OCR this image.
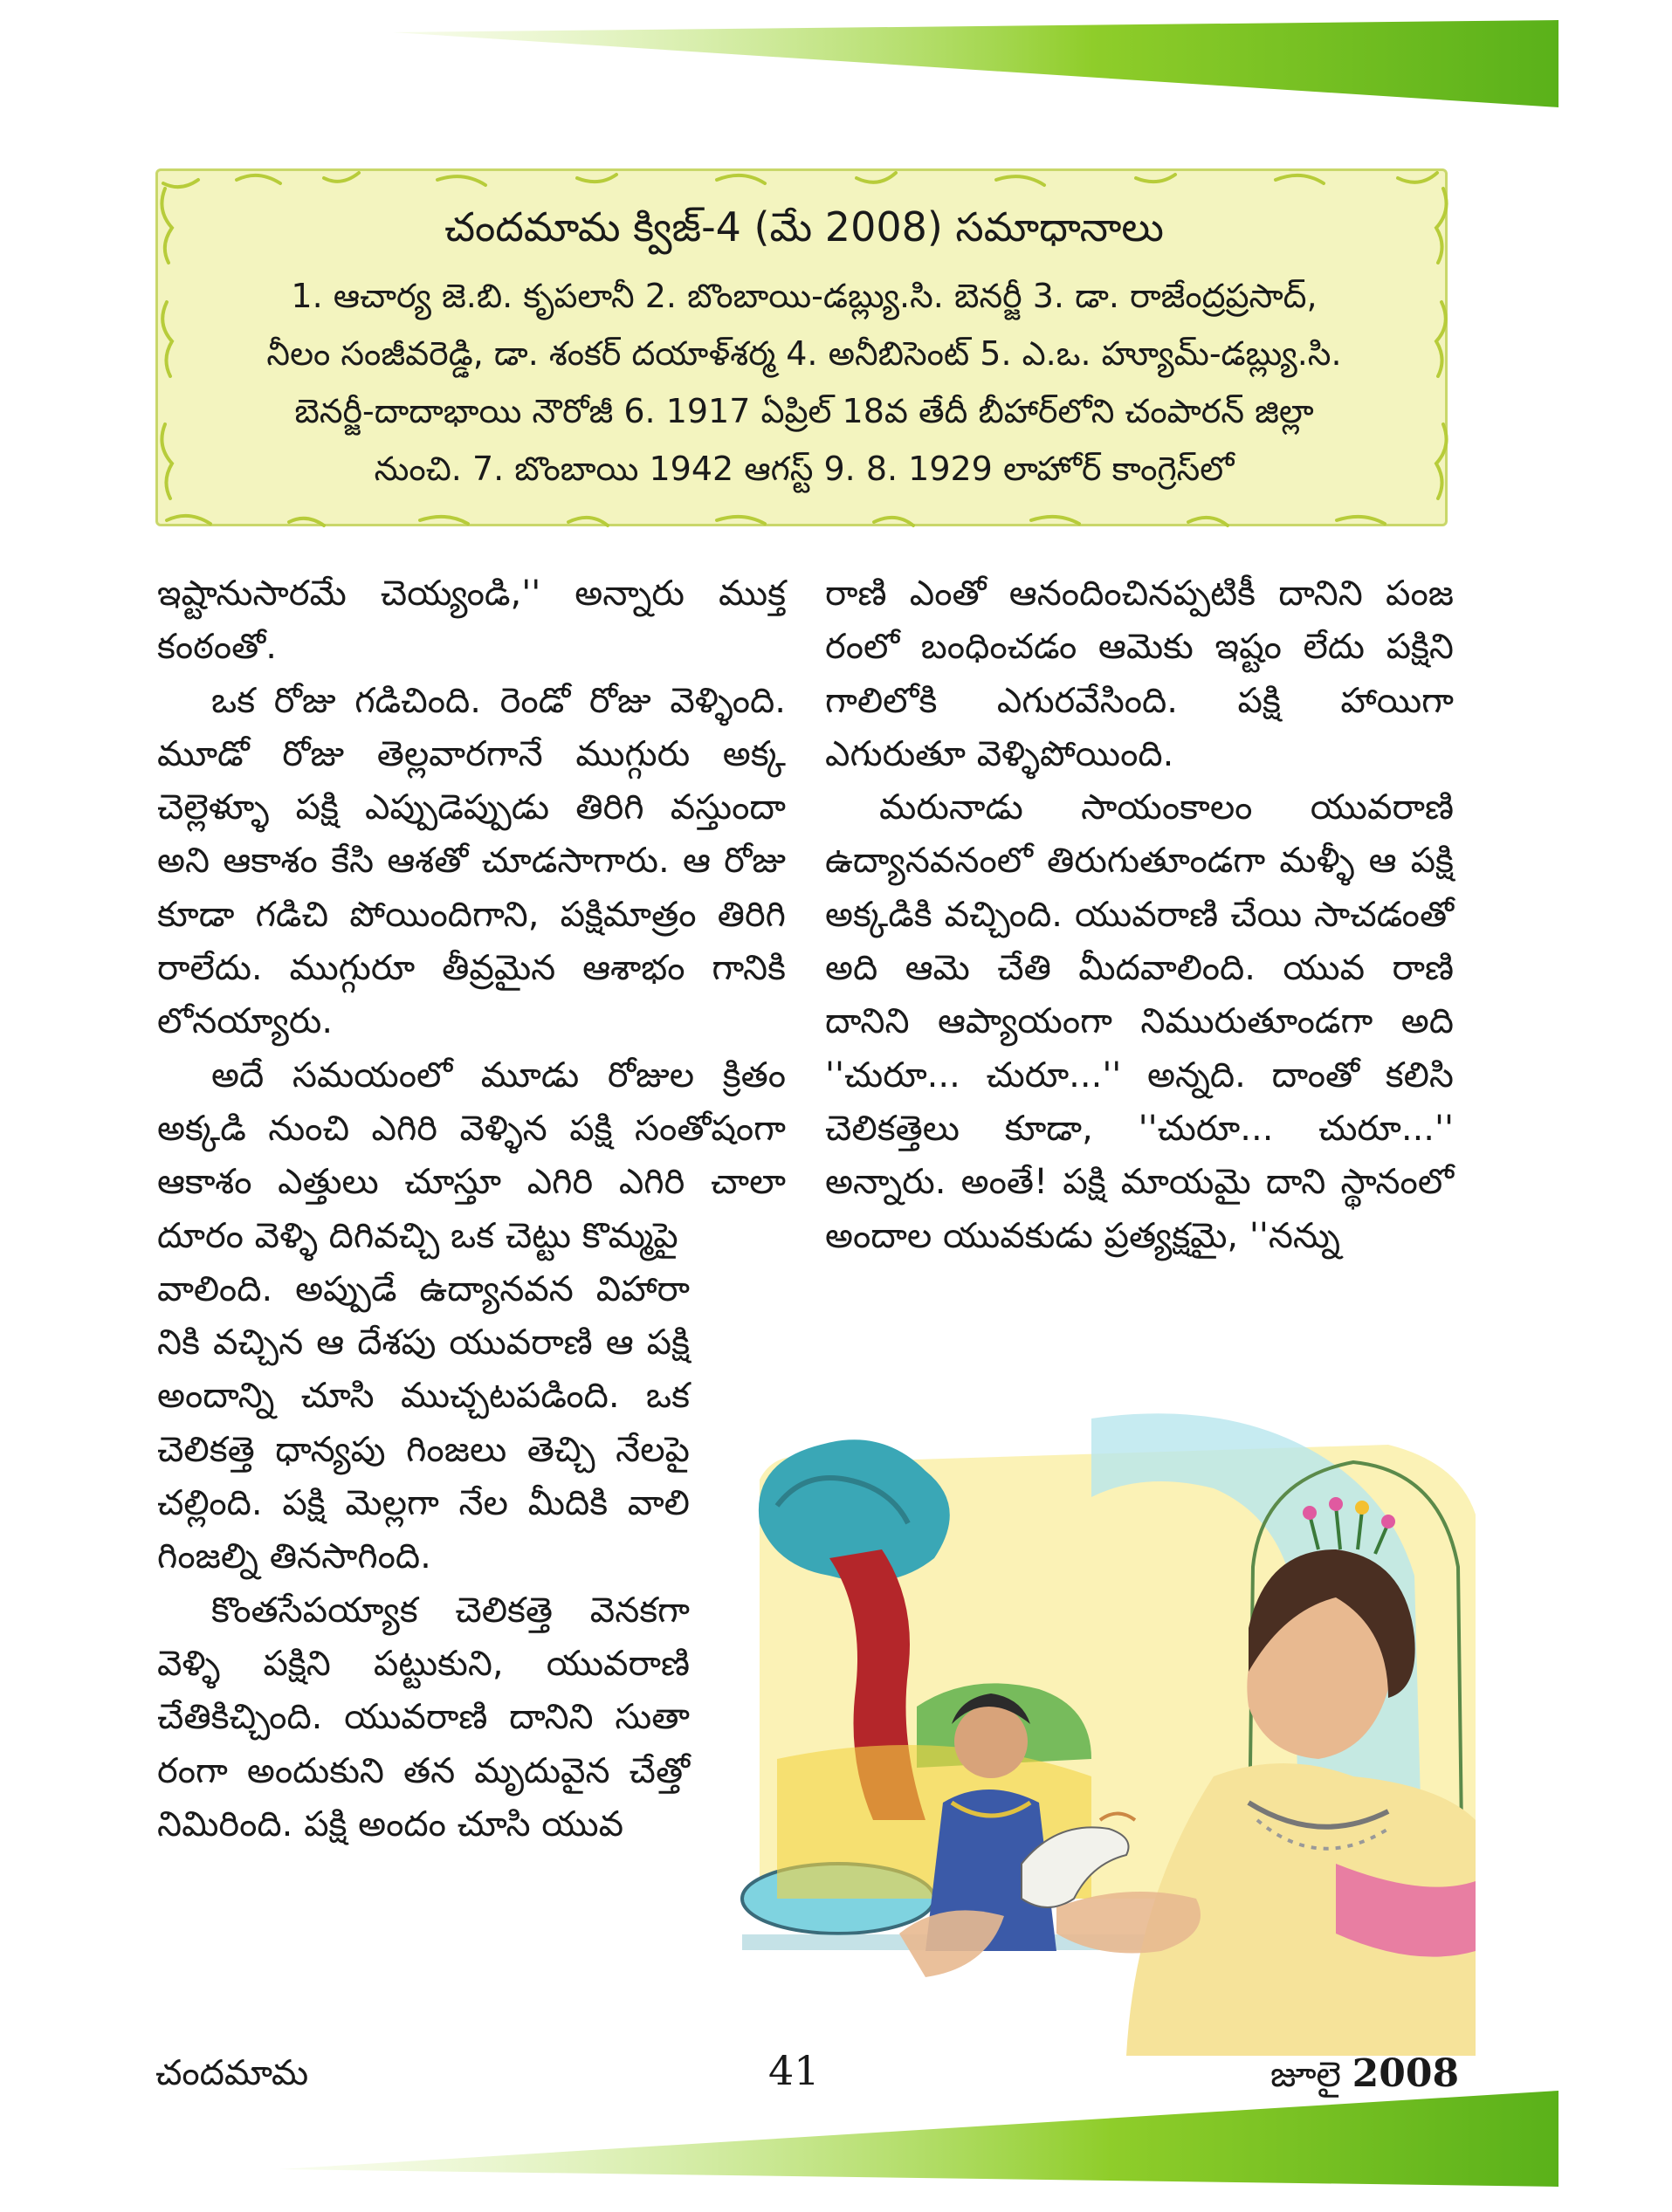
చందమామ క్విజ్-4 (మే 2008) సమాధానాలు
1. ఆచార్య జె.బి. కృపలానీ 2. బొంబాయి-డబ్ల్యు.సి. బెనర్జీ 3. డా. రాజేంద్రప్రసాద్,
నీలం సంజీవరెడ్డి, డా. శంకర్ దయాళ్‌శర్మ 4. అనీబిసెంట్ 5. ఎ.ఒ. హ్యూమ్-డబ్ల్యు.సి.
బెనర్జీ-దాదాభాయి నౌరోజీ 6. 1917 ఏప్రిల్ 18వ తేదీ బీహార్‌లోని చంపారన్ జిల్లా
నుంచి. 7. బొంబాయి 1942 ఆగస్ట్ 9. 8. 1929 లాహోర్ కాంగ్రెస్‌లో

ఇష్టానుసారమే చెయ్యండి,'' అన్నారు ముక్త కంఠంతో.

ఒక రోజు గడిచింది. రెండో రోజు వెళ్ళింది. మూడో రోజు తెల్లవారగానే ముగ్గురు అక్క చెల్లెళ్ళూ పక్షి ఎప్పుడెప్పుడు తిరిగి వస్తుందా అని ఆకాశం కేసి ఆశతో చూడసాగారు. ఆ రోజు కూడా గడిచి పోయిందిగాని, పక్షిమాత్రం తిరిగి రాలేదు. ముగ్గురూ తీవ్రమైన ఆశాభం గానికి లోనయ్యారు.

అదే సమయంలో మూడు రోజుల క్రితం అక్కడి నుంచి ఎగిరి వెళ్ళిన పక్షి సంతోషంగా ఆకాశం ఎత్తులు చూస్తూ ఎగిరి ఎగిరి చాలా దూరం వెళ్ళి దిగివచ్చి ఒక చెట్టు కొమ్మపై

వాలింది. అప్పుడే ఉద్యానవన విహారా నికి వచ్చిన ఆ దేశపు యువరాణి ఆ పక్షి అందాన్ని చూసి ముచ్చటపడింది. ఒక చెలికత్తె ధాన్యపు గింజలు తెచ్చి నేలపై చల్లింది. పక్షి మెల్లగా నేల మీదికి వాలి గింజల్ని తినసాగింది.

కొంతసేపయ్యాక చెలికత్తె వెనకగా వెళ్ళి పక్షిని పట్టుకుని, యువరాణి చేతికిచ్చింది. యువరాణి దానిని సుతా రంగా అందుకుని తన మృదువైన చేత్తో నిమిరింది. పక్షి అందం చూసి యువ

రాణి ఎంతో ఆనందించినప్పటికీ దానిని పంజ రంలో బంధించడం ఆమెకు ఇష్టం లేదు పక్షిని గాలిలోకి ఎగురవేసింది. పక్షి హాయిగా ఎగురుతూ వెళ్ళిపోయింది.

మరునాడు సాయంకాలం యువరాణి ఉద్యానవనంలో తిరుగుతూండగా మళ్ళీ ఆ పక్షి అక్కడికి వచ్చింది. యువరాణి చేయి సాచడంతో అది ఆమె చేతి మీదవాలింది. యువ రాణి దానిని ఆప్యాయంగా నిమురుతూండగా అది ''చురూ... చురూ...'' అన్నది. దాంతో కలిసి చెలికత్తెలు కూడా, ''చురూ... చురూ...'' అన్నారు. అంతే! పక్షి మాయమై దాని స్థానంలో అందాల యువకుడు ప్రత్యక్షమై, ''నన్ను

చందమామ	41	జూలై 2008
